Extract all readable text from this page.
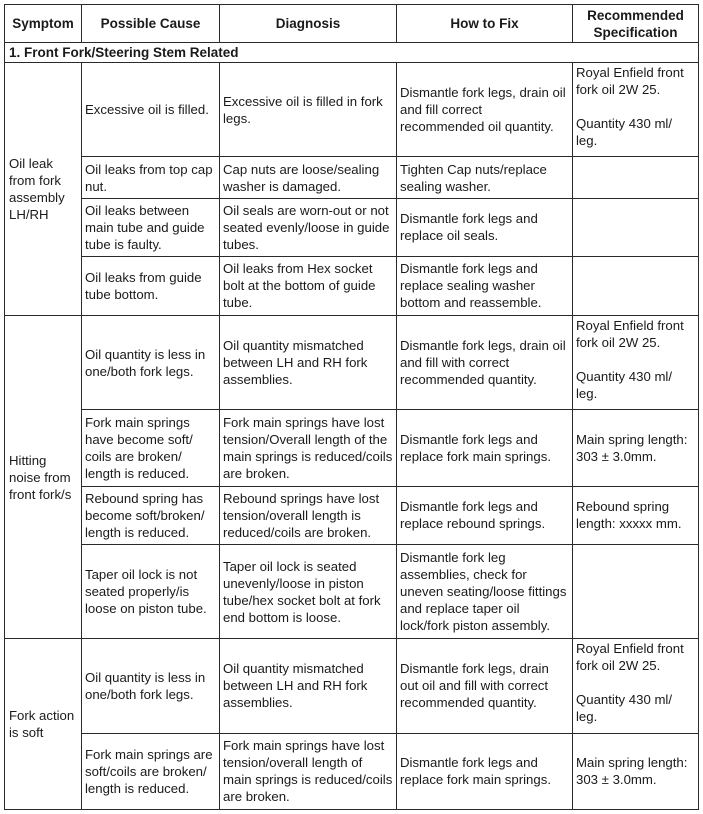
Symptom	Possible Cause	Diagnosis	How to Fix	Recommended Specification
1. Front Fork/Steering Stem Related				
Oil leak from fork assembly LH/RH	Excessive oil is filled.	Excessive oil is filled in fork legs.	Dismantle fork legs, drain oil and fill correct recommended oil quantity.	Royal Enfield front fork oil 2W 25.
Quantity 430 ml/ leg.

	Oil leaks from top cap nut.	Cap nuts are loose/sealing washer is damaged.	Tighten Cap nuts/replace sealing washer.	
	Oil leaks between main tube and guide tube is faulty.	Oil seals are worn-out or not seated evenly/loose in guide tubes.	Dismantle fork legs and replace oil seals.	
	Oil leaks from guide tube bottom.	Oil leaks from Hex socket bolt at the bottom of guide tube.	Dismantle fork legs and replace sealing washer bottom and reassemble.	
Hitting noise from front fork/s	Oil quantity is less in one/both fork legs.	Oil quantity mismatched between LH and RH fork assemblies.	Dismantle fork legs, drain oil and fill with correct recommended quantity.	Royal Enfield front fork oil 2W 25.
Quantity 430 ml/ leg.

	Fork main springs have become soft/ coils are broken/ length is reduced.	Fork main springs have lost tension/Overall length of the main springs is reduced/coils are broken.	Dismantle fork legs and replace fork main springs.	Main spring length: 303 ± 3.0mm.
	Rebound spring has become soft/broken/ length is reduced.	Rebound springs have lost tension/overall length is reduced/coils are broken.	Dismantle fork legs and replace rebound springs.	Rebound spring length: xxxxx mm.
	Taper oil lock is not seated properly/is loose on piston tube.	Taper oil lock is seated unevenly/loose in piston tube/hex socket bolt at fork end bottom is loose.	Dismantle fork leg assemblies, check for uneven seating/loose fittings and replace taper oil lock/fork piston assembly.	
Fork action is soft	Oil quantity is less in one/both fork legs.	Oil quantity mismatched between LH and RH fork assemblies.	Dismantle fork legs, drain out oil and fill with correct recommended quantity.	Royal Enfield front fork oil 2W 25.
Quantity 430 ml/ leg.

	Fork main springs are soft/coils are broken/ length is reduced.	Fork main springs have lost tension/overall length of main springs is reduced/coils are broken.	Dismantle fork legs and replace fork main springs.	Main spring length: 303 ± 3.0mm.
